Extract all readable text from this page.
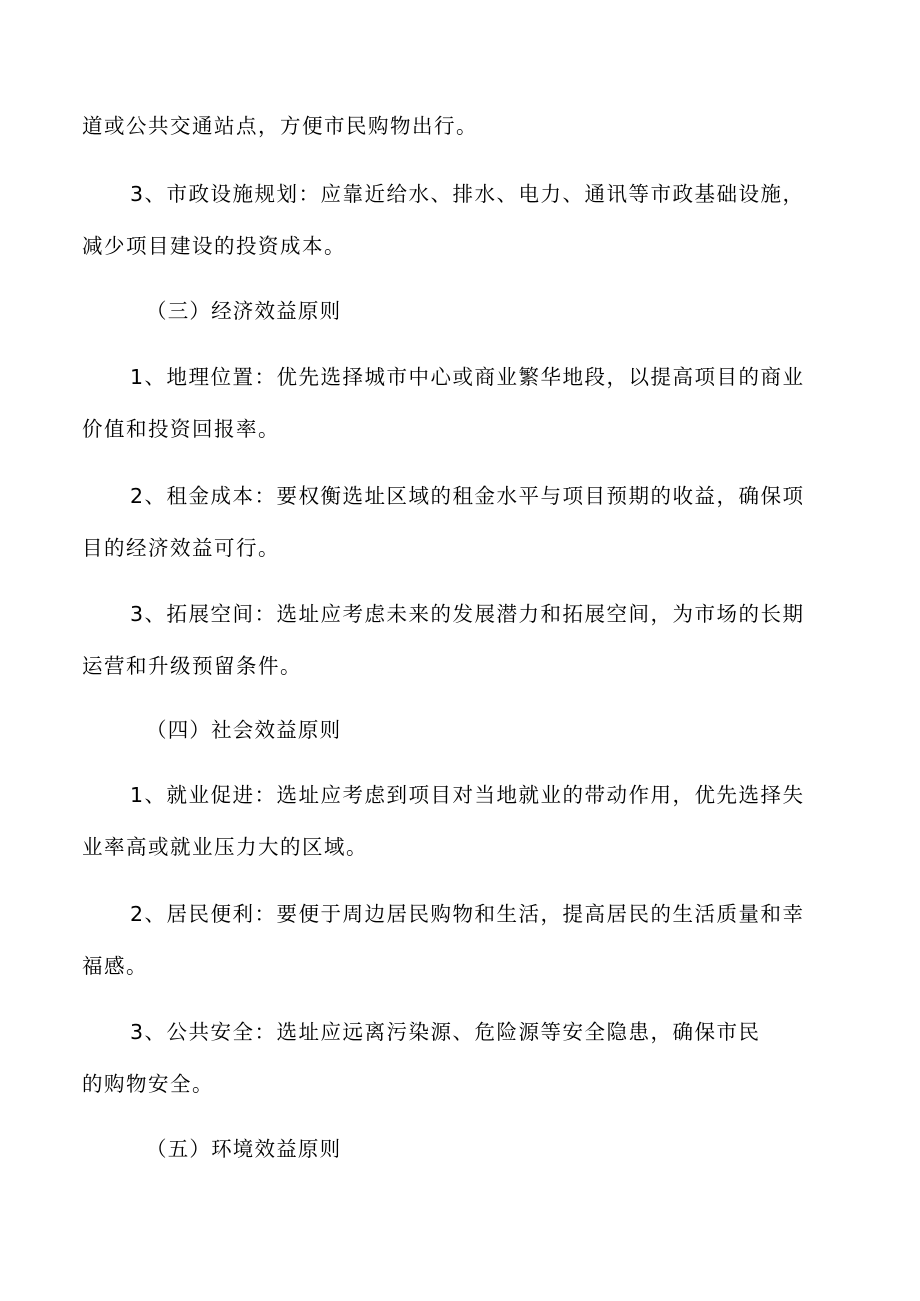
道或公共交通站点，方便市民购物出行。
3、市政设施规划：应靠近给水、排水、电力、通讯等市政基础设施，
减少项目建设的投资成本。
（三）经济效益原则
1、地理位置：优先选择城市中心或商业繁华地段，以提高项目的商业
价值和投资回报率。
2、租金成本：要权衡选址区域的租金水平与项目预期的收益，确保项
目的经济效益可行。
3、拓展空间：选址应考虑未来的发展潜力和拓展空间，为市场的长期
运营和升级预留条件。
（四）社会效益原则
1、就业促进：选址应考虑到项目对当地就业的带动作用，优先选择失
业率高或就业压力大的区域。
2、居民便利：要便于周边居民购物和生活，提高居民的生活质量和幸
福感。
3、公共安全：选址应远离污染源、危险源等安全隐患，确保市民
的购物安全。
（五）环境效益原则
